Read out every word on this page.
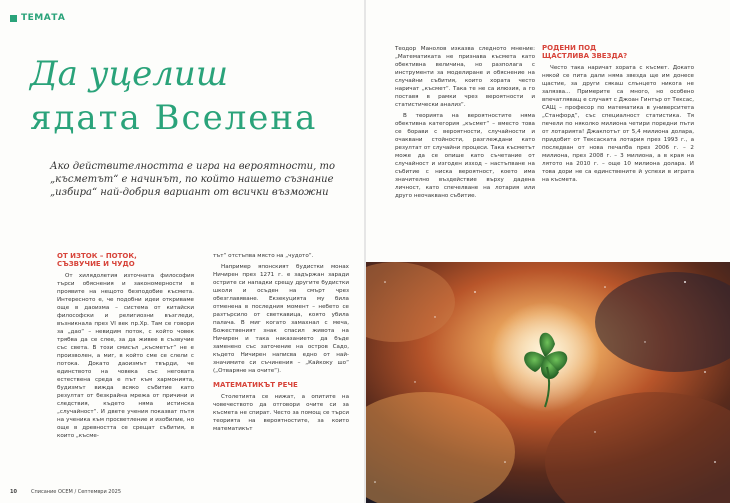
ТЕМАТА
Да уцелиш
ядата Вселена
Ако действителността е игра на вероятности, то „късметът“ е начинът, по който нашето съзнание „избира“ най-добрия вариант от всички възможни
ОТ ИЗТОК – ПОТОК,
СЪЗВУЧИЕ И ЧУДО

От хилядолетия източната философия търси обяснения и закономерности в проявите на нещото безподобие късмета. Интересното е, че подобни идеи откриваме още в даоизма – система от китайски философски и религиозни възгледи, възникнала през VI век пр.Хр. Там се говори за „дао“ – невидим поток, с който човек трябва да се слее, за да живее в съзвучие със света. В този смисъл „късметът“ не е произволен, а миг, в който сме се слели с потока. Докато даоизмът твърди, че единството на човека със неговата естествена среда е път към хармонията, будизмът вижда всяко събитие като резултат от безкрайна мрежа от причини и следствия, където няма истинска „случайност“. И двете учения показват пътя на ученика към просветление и изобилие, но още в древността се срещат събития, в които „късме-

тът“ отстъпва място на „чудото“.

Например японският будистки монах Ничирен през 1271 г. е задържан заради острите си нападки срещу другите будистки школи и осъден на смърт чрез обезглавяване. Екзекуцията му била отменена в последния момент – небето се разтърсило от светкавица, която убила палача. В миг когато замахнал с меча, Божественият знак спасил живота на Ничирен и така наказанието да бъде заменено със заточение на остров Садо, където Ничирен написва едно от най-значимите си съчинения – „Кайкоку шо“ („Отваряне на очите“).

МАТЕМАТИКЪТ РЕЧЕ

Столетията се нижат, а опитите на човечеството да отговори очите си за късмета не спират. Често за помощ се търси теорията на вероятностите, за които математикът

10	Списание ОСЕМ / Септември 2025

Теодор Манолов изказва следното мнение: „Математиката не признава късмета като обективна величина, но разполага с инструменти за моделиране и обяснение на случайни събития, които хората често наричат „късмет“. Така те не са илюзия, а го поставя в рамки чрез вероятности и статистически анализ“.

В теорията на вероятностите няма обективна категория „късмет“ – вместо това се борави с вероятности, случайности и очаквани стойности, разглеждани като резултат от случайни процеси. Така късметът може да се опише като съчетание от случайност и изгоден изход – настъпване на събитие с ниска вероятност, което има значително въздействие върху дадена личност, като спечелване на лотария или друго неочаквано събитие.

РОДЕНИ ПОД
ЩАСТЛИВА ЗВЕЗДА?

Често така наричат хората с късмет. Докато някой се пита дали няма звезда ще им донесе щастие, за други сякаш слънцето никога не залязва... Примерите са много, но особено впечатляващ е случаят с Джоан Гинтър от Тексас, САЩ – професор по математика в университета „Станфорд“, със специалност статистика. Тя печели по няколко милиона четири поредни пъти от лотарията! Джакпотът от 5,4 милиона долара, придобит от Тексаската лотария през 1993 г., а последван от нова печалба през 2006 г. – 2 милиона, през 2008 г. – 3 милиона, а в края на лятото на 2010 г. – още 10 милиона долара. И това дори не са единствените й успехи в играта на късмета.
